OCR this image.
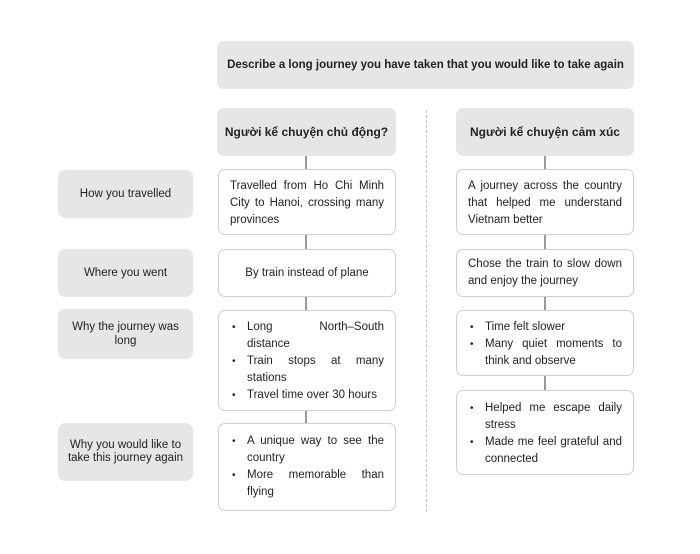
Describe a long journey you have taken that you would like to take again
Người kể chuyện chủ động?	Người kể chuyện cảm xúc
How you travelled
Where you went
Why the journey was long
Why you would like to take this journey again
Travelled from Ho Chi Minh City to Hanoi, crossing many provinces
By train instead of plane
• Long North–South distance
• Train stops at many stations
• Travel time over 30 hours
• A unique way to see the country
• More memorable than flying
A journey across the country that helped me understand Vietnam better
Chose the train to slow down and enjoy the journey
• Time felt slower
• Many quiet moments to think and observe
• Helped me escape daily stress
• Made me feel grateful and connected
